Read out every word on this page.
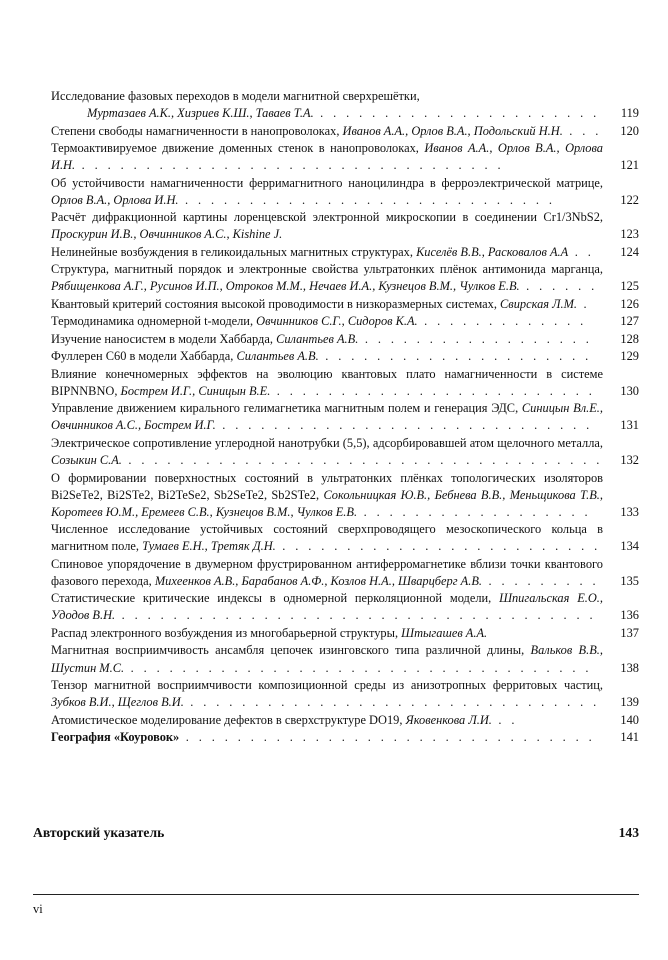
Исследование фазовых переходов в модели магнитной сверхрешётки,

Муртазаев А.К., Хизриев К.Ш., Таваев Т.А. . . . . . . . . . . . . . . . . . . . . . .	119
Степени свободы намагниченности в нанопроволоках, Иванов А.А., Орлов В.А., Подольский Н.Н. . . .	120
Термоактивируемое движение доменных стенок в нанопроволоках, Иванов А.А., Орлов В.А., Орлова И.Н. . . . . . . . . . . . . . . . . . . . . . . . . . . . . . . . . .	121
Об устойчивости намагниченности ферримагнитного наноцилиндра в ферроэлектрической матрице, Орлов В.А., Орлова И.Н. . . . . . . . . . . . . . . . . . . . . . . . . . . . . .	122
Расчёт дифракционной картины лоренцевской электронной микроскопии в соединении Cr1/3NbS2, Проскурин И.В., Овчинников А.С., Kishine J.	123
Нелинейные возбуждения в геликоидальных магнитных структурах, Киселёв В.В., Расковалов А.А . .	124
Структура, магнитный порядок и электронные свойства ультратонких плёнок антимонида марганца, Рябищенкова А.Г., Русинов И.П., Отроков М.М., Нечаев И.А., Кузнецов В.М., Чулков Е.В. . . . . . .	125
Квантовый критерий состояния высокой проводимости в низкоразмерных системах, Свирская Л.М. .	126
Термодинамика одномерной t-модели, Овчинников С.Г., Сидоров К.А. . . . . . . . . . . . . .	127
Изучение наносистем в модели Хаббарда, Силантьев А.В. . . . . . . . . . . . . . . . . . .	128
Фуллерен C60 в модели Хаббарда, Силантьев А.В. . . . . . . . . . . . . . . . . . . . . .	129
Влияние конечномерных эффектов на эволюцию квантовых плато намагниченности в системе BIPNNBNO, Бострем И.Г., Синицын В.Е. . . . . . . . . . . . . . . . . . . . . . . . . .	130
Управление движением кирального гелимагнетика магнитным полем и генерация ЭДС, Синицын Вл.Е., Овчинников А.С., Бострем И.Г. . . . . . . . . . . . . . . . . . . . . . . . . . . . . .	131
Электрическое сопротивление углеродной нанотрубки (5,5), адсорбировавшей атом щелочного металла, Созыкин С.А. . . . . . . . . . . . . . . . . . . . . . . . . . . . . . . . . . . . . .	132
О формировании поверхностных состояний в ультратонких плёнках топологических изоляторов Bi2SeTe2, Bi2STe2, Bi2TeSe2, Sb2SeTe2, Sb2STe2, Сокольницкая Ю.В., Бебнева В.В., Меньщикова Т.В., Коротеев Ю.М., Еремеев С.В., Кузнецов В.М., Чулков Е.В. . . . . . . . . . . . . . . . . . .	133
Численное исследование устойчивых состояний сверхпроводящего мезоскопического кольца в магнитном поле, Тумаев Е.Н., Третяк Д.Н. . . . . . . . . . . . . . . . . . . . . . . . . .	134
Спиновое упорядочение в двумерном фрустрированном антиферромагнетике вблизи точки квантового фазового перехода, Михеенков А.В., Барабанов А.Ф., Козлов Н.А., Шварцберг А.В. . . . . . . . . .	135
Статистические критические индексы в одномерной перколяционной модели, Шпигальская Е.О., Удодов В.Н. . . . . . . . . . . . . . . . . . . . . . . . . . . . . . . . . . . . . .	136
Распад электронного возбуждения из многобарьерной структуры, Штыгашев А.А.	137
Магнитная восприимчивость ансамбля цепочек изинговского типа различной длины, Вальков В.В., Шустин М.С. . . . . . . . . . . . . . . . . . . . . . . . . . . . . . . . . . . . .	138
Тензор магнитной восприимчивости композиционной среды из анизотропных ферритовых частиц, Зубков В.И., Щеглов В.И. . . . . . . . . . . . . . . . . . . . . . . . . . . . . . . . .	139
Атомистическое моделирование дефектов в сверхструктуре DO19, Яковенкова Л.И. . .	140
География «Коуровок» . . . . . . . . . . . . . . . . . . . . . . . . . . . . . . . .	141
Авторский указатель	143
vi
